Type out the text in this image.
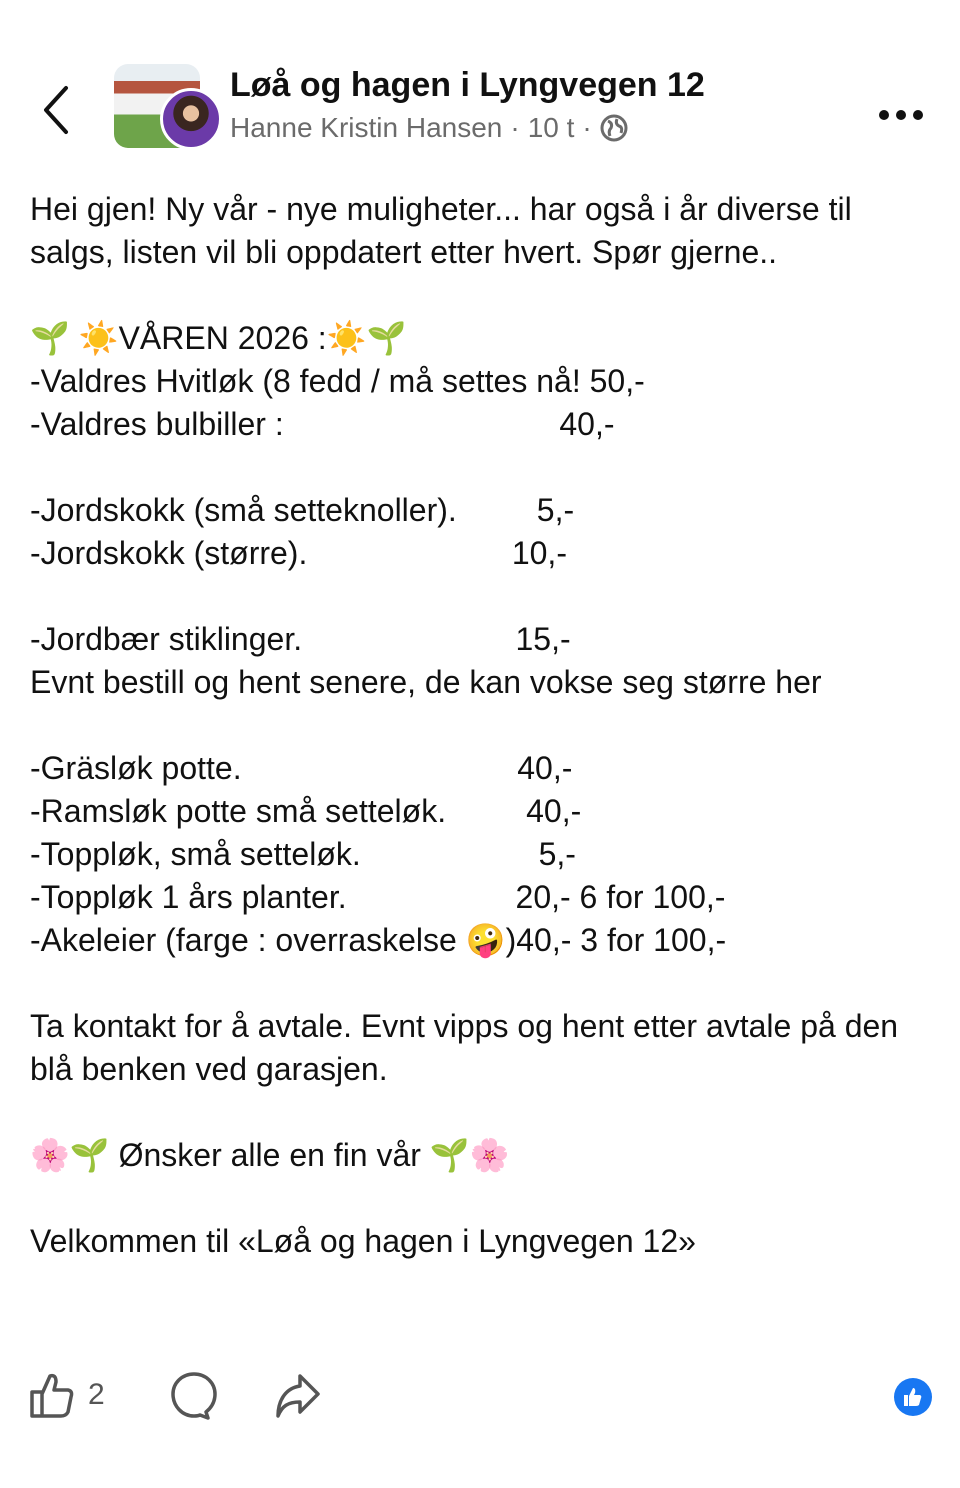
Løå og hagen i Lyngvegen 12
Hanne Kristin Hansen · 10 t ·
Hei gjen! Ny vår - nye muligheter... har også i år diverse til salgs, listen vil bli oppdatert etter hvert. Spør gjerne..
🌱 ☀️VÅREN 2026 :☀️🌱
-Valdres Hvitløk (8 fedd / må settes nå! 50,-
-Valdres bulbiller :                               40,-
-Jordskokk (små setteknoller).         5,-
-Jordskokk (større).                       10,-
-Jordbær stiklinger.                        15,-
Evnt bestill og hent senere, de kan vokse seg større her
-Gräsløk potte.                               40,-
-Ramsløk potte små setteløk.         40,-
-Toppløk, små setteløk.                    5,-
-Toppløk 1 års planter.                   20,- 6 for 100,-
-Akeleier (farge : overraskelse 🤪)40,- 3 for 100,-
Ta kontakt for å avtale. Evnt vipps og hent etter avtale på den blå benken ved garasjen.
🌸🌱 Ønsker alle en fin vår 🌱🌸
Velkommen til «Løå og hagen i Lyngvegen 12»
2
